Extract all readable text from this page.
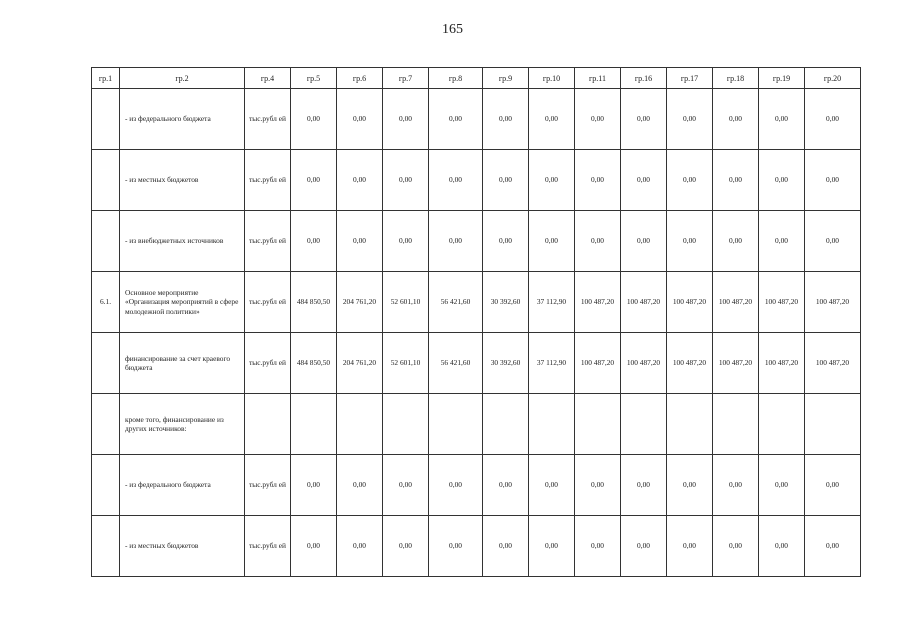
165
гр.1	гр.2	гр.4	гр.5	гр.6	гр.7	гр.8	гр.9	гр.10	гр.11	гр.16	гр.17	гр.18	гр.19	гр.20
	- из федерального бюджета	тыс.рубл ей	0,00	0,00	0,00	0,00	0,00	0,00	0,00	0,00	0,00	0,00	0,00	0,00
	- из местных бюджетов	тыс.рубл ей	0,00	0,00	0,00	0,00	0,00	0,00	0,00	0,00	0,00	0,00	0,00	0,00
	- из внебюджетных источников	тыс.рубл ей	0,00	0,00	0,00	0,00	0,00	0,00	0,00	0,00	0,00	0,00	0,00	0,00
6.1.	Основное мероприятие «Организация мероприятий в сфере молодежной политики»	тыс.рубл ей	484 850,50	204 761,20	52 601,10	56 421,60	30 392,60	37 112,90	100 487,20	100 487,20	100 487,20	100 487,20	100 487,20	100 487,20
	финансирование за счет краевого бюджета	тыс.рубл ей	484 850,50	204 761,20	52 601,10	56 421,60	30 392,60	37 112,90	100 487,20	100 487,20	100 487,20	100 487,20	100 487,20	100 487,20
	кроме того, финансирование из других источников:													
	- из федерального бюджета	тыс.рубл ей	0,00	0,00	0,00	0,00	0,00	0,00	0,00	0,00	0,00	0,00	0,00	0,00
	- из местных бюджетов	тыс.рубл ей	0,00	0,00	0,00	0,00	0,00	0,00	0,00	0,00	0,00	0,00	0,00	0,00
